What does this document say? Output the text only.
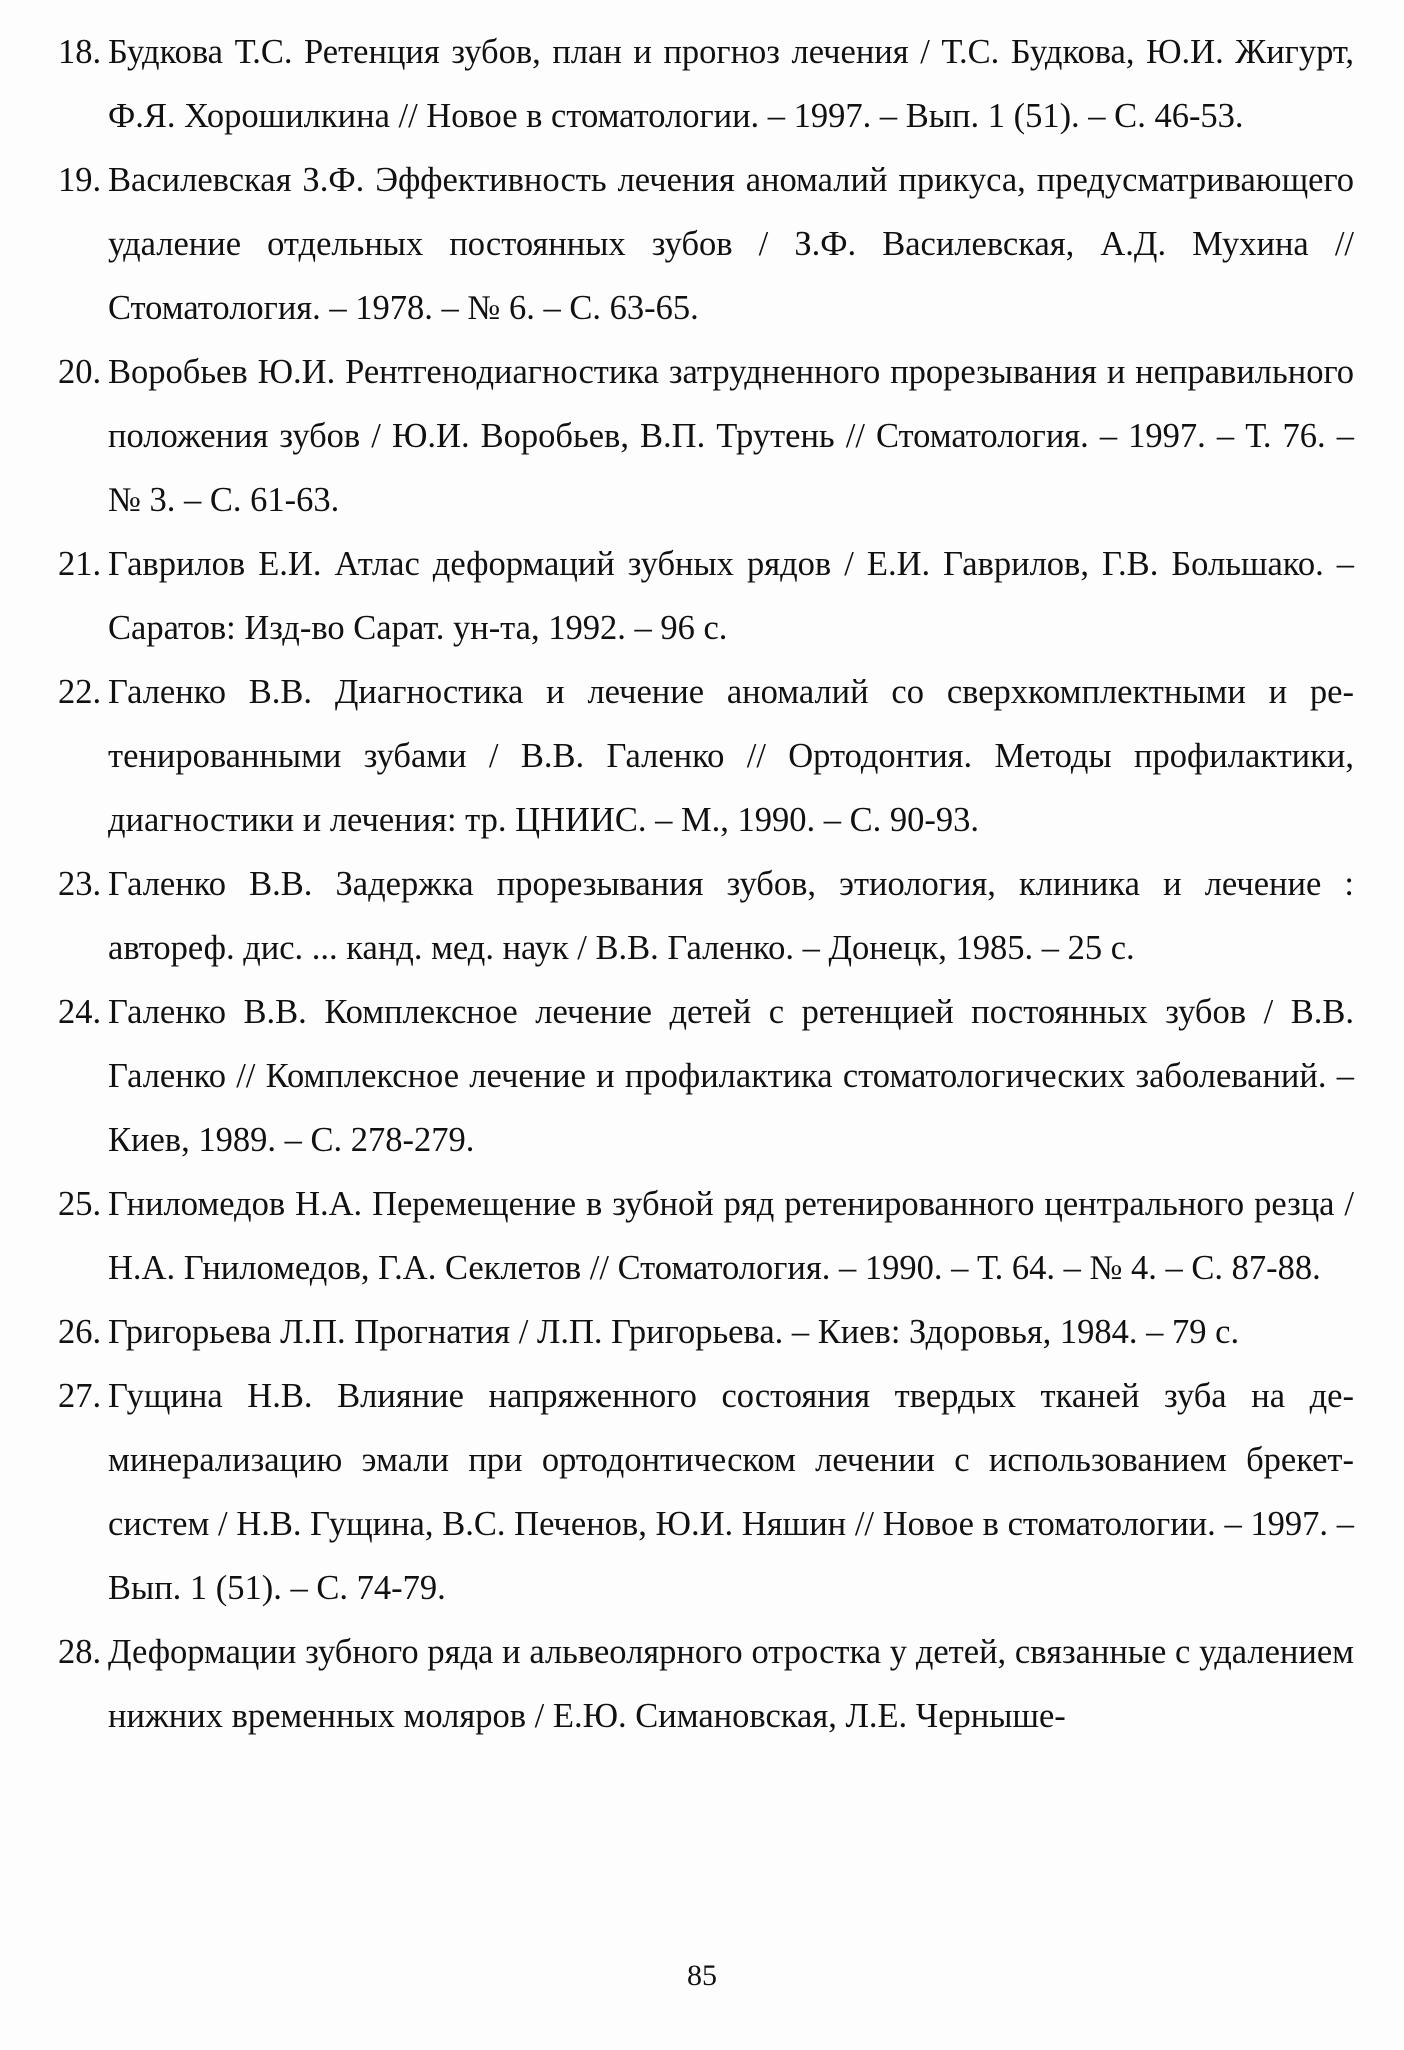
18. Будкова Т.С. Ретенция зубов, план и прогноз лечения / Т.С. Будкова, Ю.И. Жигурт, Ф.Я. Хорошилкина // Новое в стоматологии. – 1997. – Вып. 1 (51). – С. 46-53.
19. Василевская З.Ф. Эффективность лечения аномалий прикуса, предусматривающего удаление отдельных постоянных зубов / З.Ф. Василевская, А.Д. Мухина // Стоматология. – 1978. – № 6. – С. 63-65.
20. Воробьев Ю.И. Рентгенодиагностика затрудненного прорезывания и неправильного положения зубов / Ю.И. Воробьев, В.П. Трутень // Стоматология. – 1997. – Т. 76. – № 3. – С. 61-63.
21. Гаврилов Е.И. Атлас деформаций зубных рядов / Е.И. Гаврилов, Г.В. Большако. – Саратов: Изд-во Сарат. ун-та, 1992. – 96 с.
22. Галенко В.В. Диагностика и лечение аномалий со сверхкомплектными и ретенированными зубами / В.В. Галенко // Ортодонтия. Методы профилактики, диагностики и лечения: тр. ЦНИИС. – М., 1990. – С. 90-93.
23. Галенко В.В. Задержка прорезывания зубов, этиология, клиника и лечение : автореф. дис. ... канд. мед. наук / В.В. Галенко. – Донецк, 1985. – 25 с.
24. Галенко В.В. Комплексное лечение детей с ретенцией постоянных зубов / В.В. Галенко // Комплексное лечение и профилактика стоматологических заболеваний. – Киев, 1989. – С. 278-279.
25. Гниломедов Н.А. Перемещение в зубной ряд ретенированного центрального резца / Н.А. Гниломедов, Г.А. Секлетов // Стоматология. – 1990. – Т. 64. – № 4. – С. 87-88.
26. Григорьева Л.П. Прогнатия / Л.П. Григорьева. – Киев: Здоровья, 1984. – 79 с.
27. Гущина Н.В. Влияние напряженного состояния твердых тканей зуба на деминерализацию эмали при ортодонтическом лечении с использованием брекет-систем / Н.В. Гущина, В.С. Печенов, Ю.И. Няшин // Новое в стоматологии. – 1997. – Вып. 1 (51). – С. 74-79.
28. Деформации зубного ряда и альвеолярного отростка у детей, связанные с удалением нижних временных моляров / Е.Ю. Симановская, Л.Е. Черныше-
85
